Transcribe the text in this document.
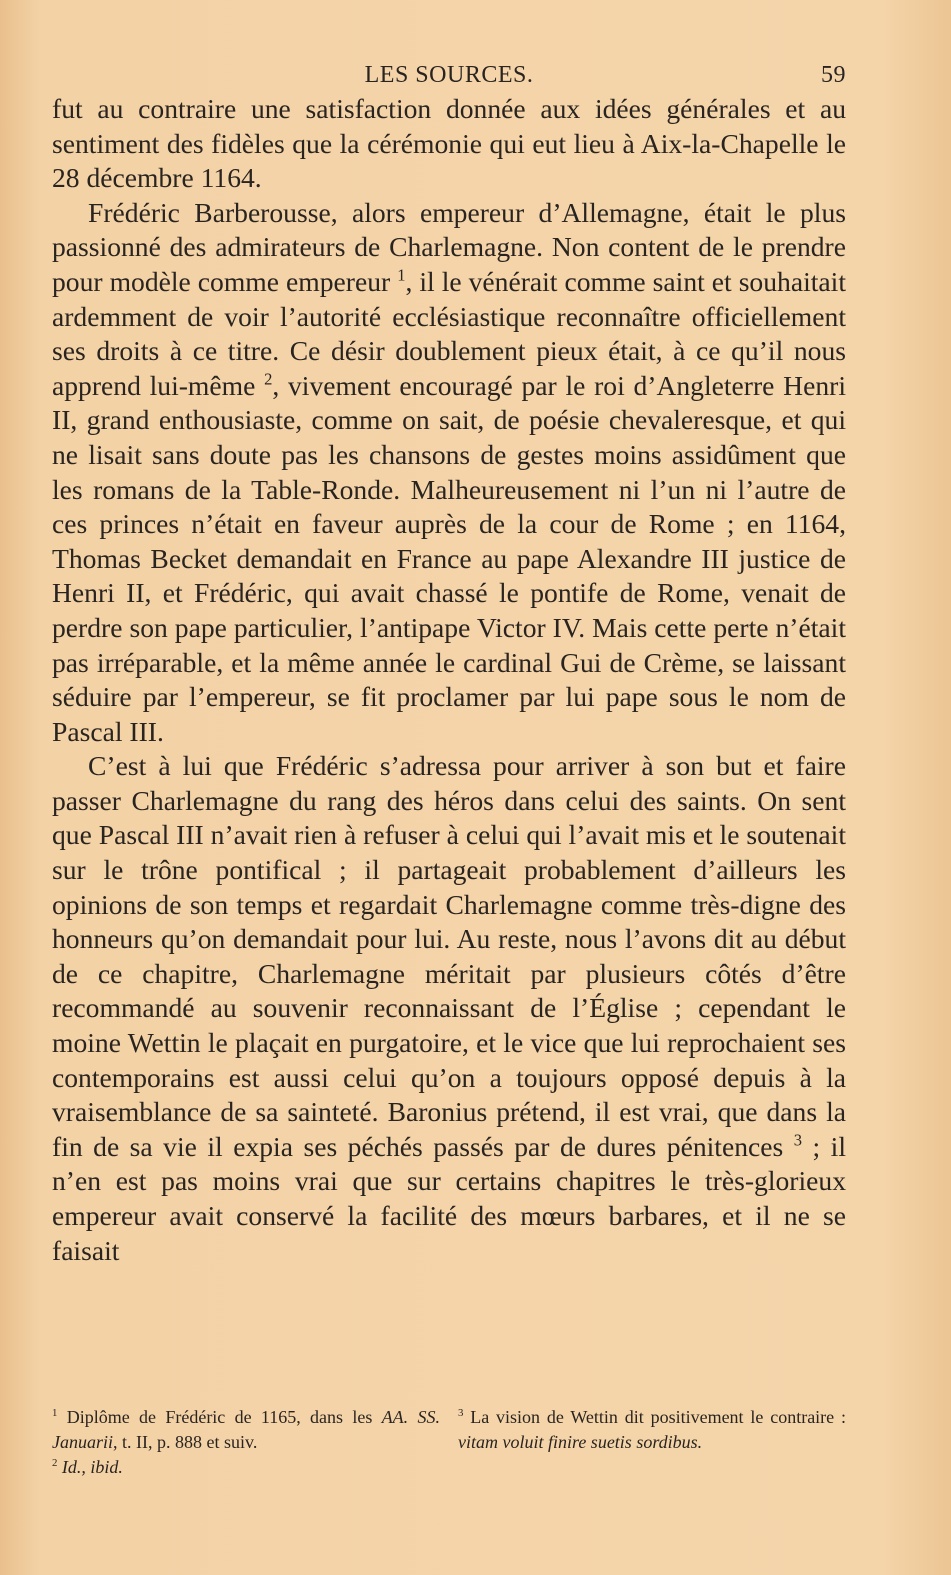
LES SOURCES.	59

fut au contraire une satisfaction donnée aux idées générales et au sentiment des fidèles que la cérémonie qui eut lieu à Aix-la-Chapelle le 28 décembre 1164.

Frédéric Barberousse, alors empereur d’Allemagne, était le plus passionné des admirateurs de Charlemagne. Non content de le prendre pour modèle comme empereur $^1$, il le vénérait comme saint et souhaitait ardemment de voir l’autorité ecclésiastique reconnaître officiellement ses droits à ce titre. Ce désir doublement pieux était, à ce qu’il nous apprend lui-même $^2$, vivement encouragé par le roi d’Angleterre Henri II, grand enthousiaste, comme on sait, de poésie chevaleresque, et qui ne lisait sans doute pas les chansons de gestes moins assidûment que les romans de la Table-Ronde. Malheureusement ni l’un ni l’autre de ces princes n’était en faveur auprès de la cour de Rome ; en 1164, Thomas Becket demandait en France au pape Alexandre III justice de Henri II, et Frédéric, qui avait chassé le pontife de Rome, venait de perdre son pape particulier, l’antipape Victor IV. Mais cette perte n’était pas irréparable, et la même année le cardinal Gui de Crème, se laissant séduire par l’empereur, se fit proclamer par lui pape sous le nom de Pascal III.

C’est à lui que Frédéric s’adressa pour arriver à son but et faire passer Charlemagne du rang des héros dans celui des saints. On sent que Pascal III n’avait rien à refuser à celui qui l’avait mis et le soutenait sur le trône pontifical ; il partageait probablement d’ailleurs les opinions de son temps et regardait Charlemagne comme très-digne des honneurs qu’on demandait pour lui. Au reste, nous l’avons dit au début de ce chapitre, Charlemagne méritait par plusieurs côtés d’être recommandé au souvenir reconnaissant de l’Église ; cependant le moine Wettin le plaçait en purgatoire, et le vice que lui reprochaient ses contemporains est aussi celui qu’on a toujours opposé depuis à la vraisemblance de sa sainteté. Baronius prétend, il est vrai, que dans la fin de sa vie il expia ses péchés passés par de dures pénitences $^3$ ; il n’en est pas moins vrai que sur certains chapitres le très-glorieux empereur avait conservé la facilité des mœurs barbares, et il ne se faisait

$^1$ Diplôme de Frédéric de 1165, dans les AA. SS. Januarii, t. II, p. 888 et suiv.

$^2$ Id., ibid.

$^3$ La vision de Wettin dit positivement le contraire : vitam voluit finire suetis sordibus.
